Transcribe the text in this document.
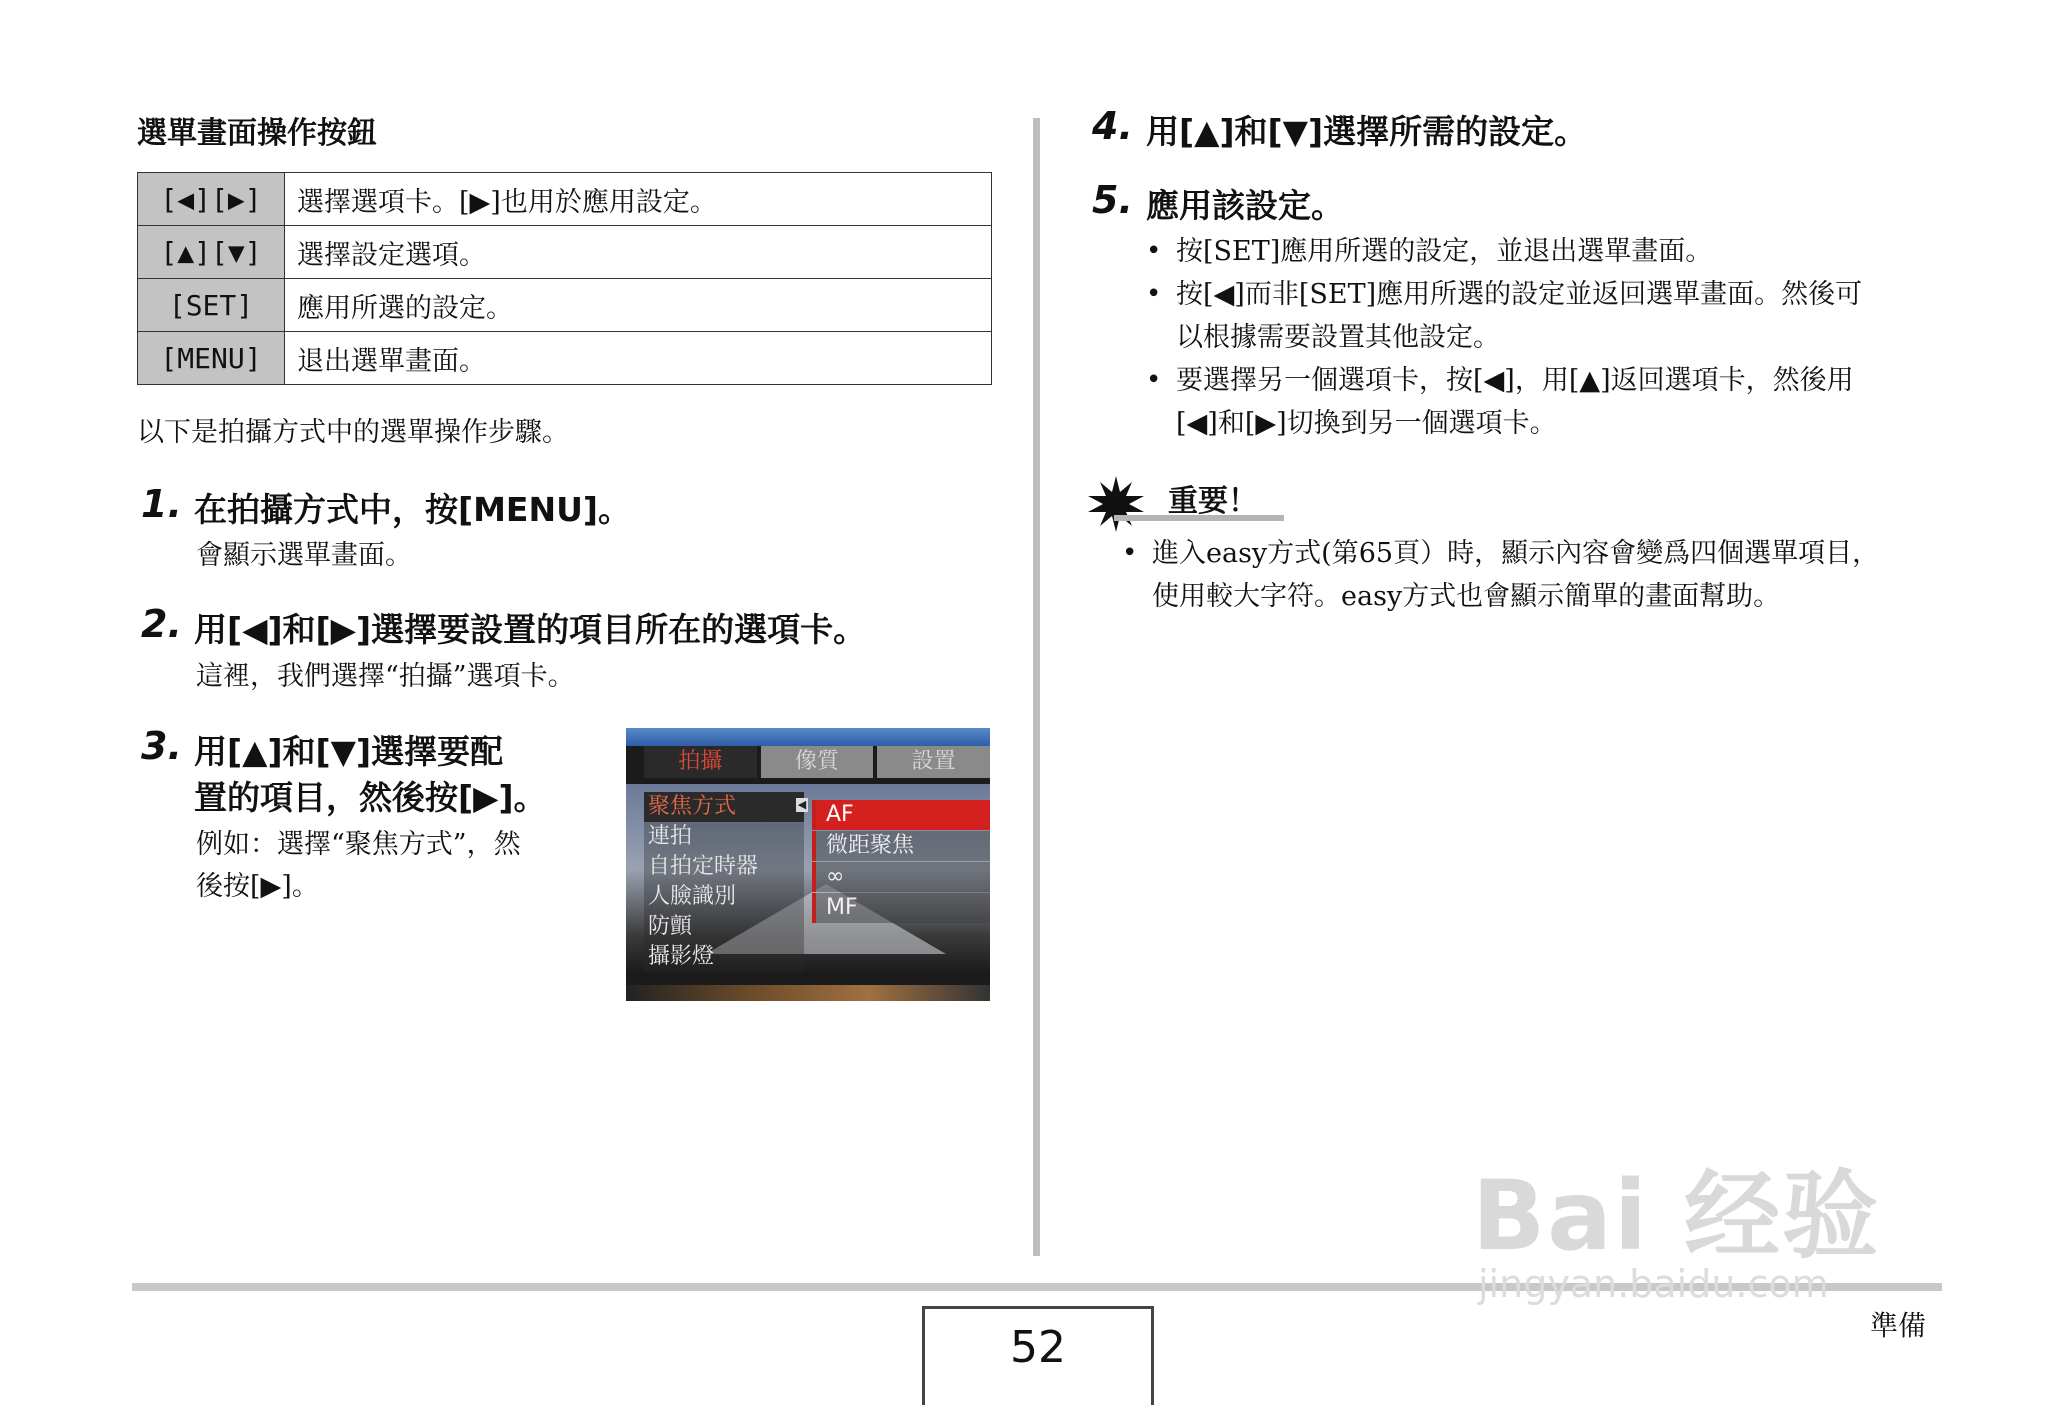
選單畫面操作按鈕
[◀][▶]	選擇選項卡。[▶]也用於應用設定。
[▲][▼]	選擇設定選項。
[SET]	應用所選的設定。
[MENU]	退出選單畫面。
以下是拍攝方式中的選單操作步驟。
1. 在拍攝方式中，按[MENU]。
會顯示選單畫面。
2. 用[◀]和[▶]選擇要設置的項目所在的選項卡。
這裡，我們選擇“拍攝”選項卡。
3. 用[▲]和[▼]選擇要配
置的項目，然後按[▶]。
例如：選擇“聚焦方式”，然
後按[▶]。
拍攝	像質	設置
聚焦方式
連拍
自拍定時器
人臉識別
防顫
攝影燈
◀ AF
微距聚焦
∞
MF
4. 用[▲]和[▼]選擇所需的設定。
5. 應用該設定。
• 按[SET]應用所選的設定，並退出選單畫面。
• 按[◀]而非[SET]應用所選的設定並返回選單畫面。然後可
以根據需要設置其他設定。
• 要選擇另一個選項卡，按[◀]，用[▲]返回選項卡，然後用
[◀]和[▶]切換到另一個選項卡。
重要！
• 進入easy方式(第65頁）時，顯示內容會變爲四個選單項目，
使用較大字符。easy方式也會顯示簡單的畫面幫助。
Bai 经验
jingyan.baidu.com
52	準備
